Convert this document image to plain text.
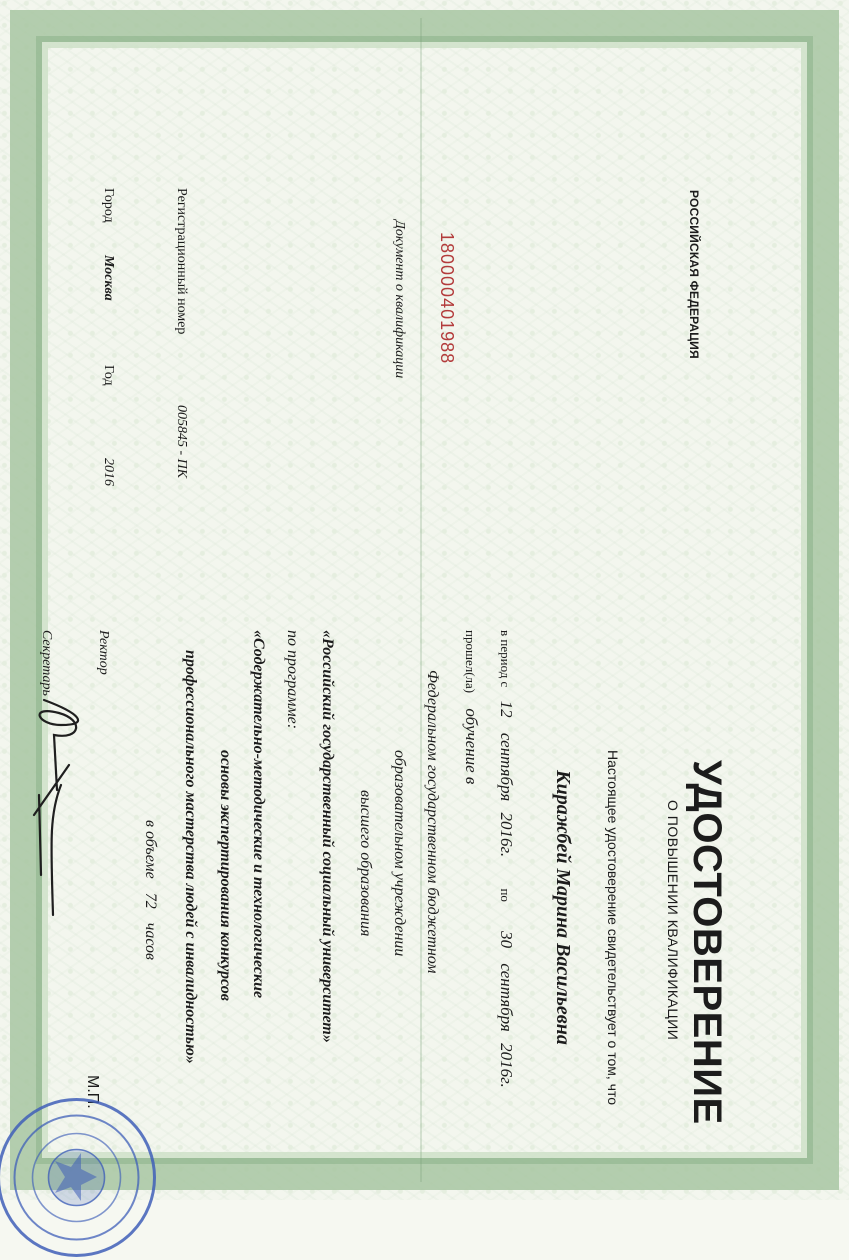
РОССИЙСКАЯ ФЕДЕРАЦИЯ
180000401988
Документ о квалификации
Регистрационный номер
005845 - ПК
Город
Москва
Год
2016
УДОСТОВЕРЕНИЕ
О ПОВЫШЕНИИ КВАЛИФИКАЦИИ
Настоящее удостоверение свидетельствует о том, что
Киражбей Марина Васильевна
в период с 12 сентября 2016г. по 30 сентября 2016г.
прошел(ла) обучение в
Федеральном государственном бюджетном
образовательном учреждении
высшего образования
«Российский государственный социальный университет»
по программе:
«Содержательно-методические и технологические
основы экспертирования конкурсов
профессионального мастерства людей с инвалидностью»
в объеме 72 часов
Ректор
Секретарь
М.П.
